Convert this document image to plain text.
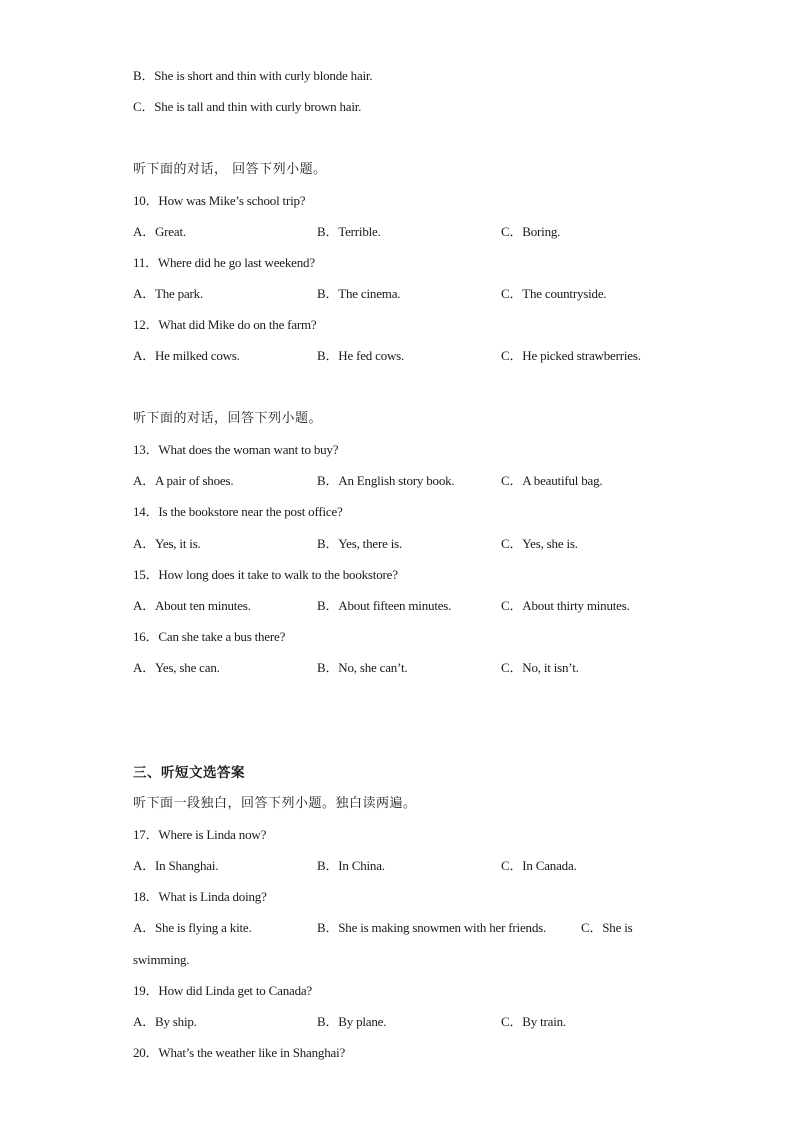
B．She is short and thin with curly blonde hair.
C．She is tall and thin with curly brown hair.
听下面的对话， 回答下列小题。
10．How was Mike’s school trip?
A．Great.	B．Terrible.	C．Boring.
11．Where did he go last weekend?
A．The park.	B．The cinema.	C．The countryside.
12．What did Mike do on the farm?
A．He milked cows.	B．He fed cows.	C．He picked strawberries.
听下面的对话，回答下列小题。
13．What does the woman want to buy?
A．A pair of shoes.	B．An English story book.	C．A beautiful bag.
14．Is the bookstore near the post office?
A．Yes, it is.	B．Yes, there is.	C．Yes, she is.
15．How long does it take to walk to the bookstore?
A．About ten minutes.	B．About fifteen minutes.	C．About thirty minutes.
16．Can she take a bus there?
A．Yes, she can.	B．No, she can’t.	C．No, it isn’t.
三、听短文选答案
听下面一段独白，回答下列小题。独白读两遍。
17．Where is Linda now?
A．In Shanghai.	B．In China.	C．In Canada.
18．What is Linda doing?
A．She is flying a kite.	B．She is making snowmen with her friends.	C．She is
swimming.
19．How did Linda get to Canada?
A．By ship.	B．By plane.	C．By train.
20．What’s the weather like in Shanghai?
